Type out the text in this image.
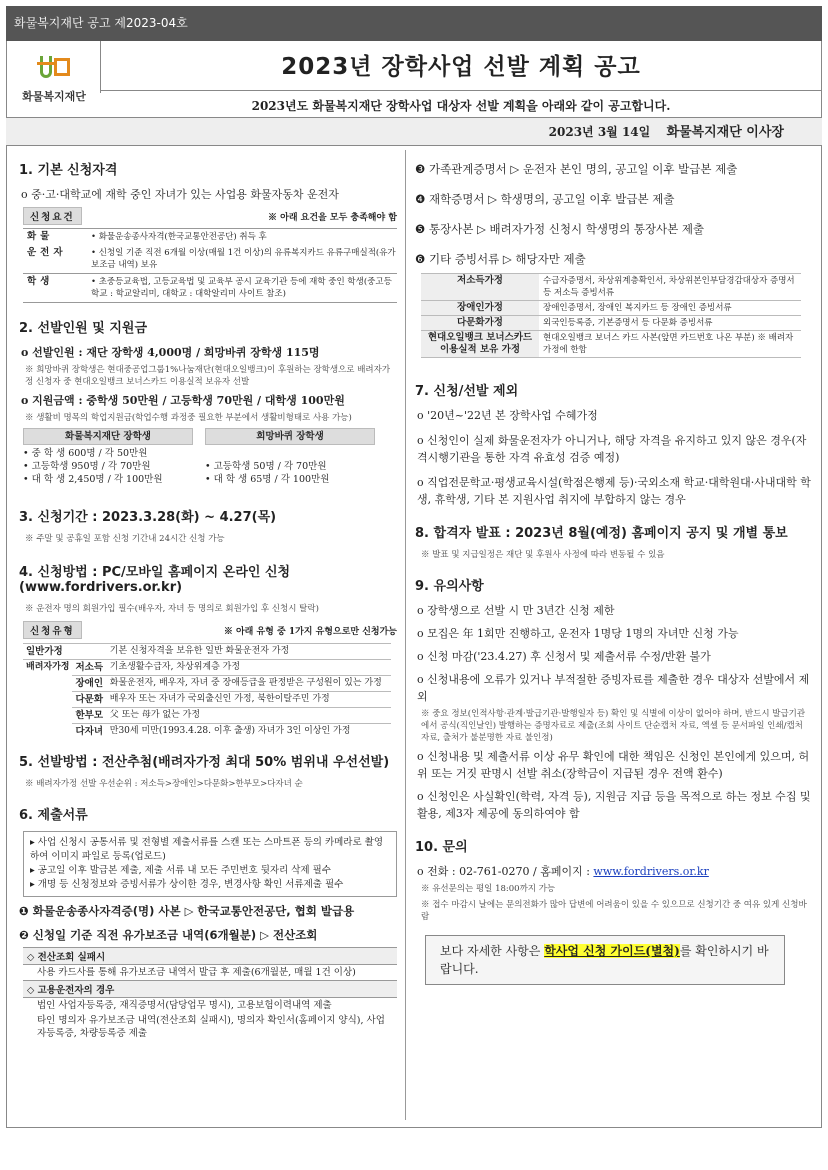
화물복지재단 공고 제2023-04호
화물복지재단
2023년 장학사업 선발 계획 공고
2023년도 화물복지재단 장학사업 대상자 선발 계획을 아래와 같이 공고합니다.
2023년 3월 14일 화물복지재단 이사장
1. 기본 신청자격
o 중·고·대학교에 재학 중인 자녀가 있는 사업용 화물자동차 운전자
신청요건	※ 아래 요건을 모두 충족해야 함
화물	• 화물운송종사자격(한국교통안전공단) 취득 후
운전자	• 신청일 기준 직전 6개월 이상(매월 1건 이상)의 유류복지카드 유류구매실적(유가보조금 내역) 보유
학생	• 초중등교육법, 고등교육법 및 교육부 공시 교육기관 등에 재학 중인 학생(중고등학교 : 학교알리미, 대학교 : 대학알리미 사이트 참조)
2. 선발인원 및 지원금
o 선발인원 : 재단 장학생 4,000명 / 희망바퀴 장학생 115명
※ 희망바퀴 장학생은 현대중공업그룹1%나눔재단(현대오일뱅크)이 후원하는 장학생으로 배려자가정 신청자 중 현대오일뱅크 보너스카드 이용실적 보유자 선발
o 지원금액 : 중학생 50만원 / 고등학생 70만원 / 대학생 100만원
※ 생활비 명목의 학업지원금(학업수행 과정중 필요한 부분에서 생활비형태로 사용 가능)
화물복지재단 장학생
• 중 학 생 600명 / 각 50만원
• 고등학생 950명 / 각 70만원
• 대 학 생 2,450명 / 각 100만원
희망바퀴 장학생
• 고등학생 50명 / 각 70만원
• 대 학 생 65명 / 각 100만원
3. 신청기간 : 2023.3.28(화) ~ 4.27(목)
※ 주말 및 공휴일 포함 신청 기간내 24시간 신청 가능
4. 신청방법 : PC/모바일 홈페이지 온라인 신청(www.fordrivers.or.kr)
※ 운전자 명의 회원가입 필수(배우자, 자녀 등 명의로 회원가입 후 신청시 탈락)
신청유형	※ 아래 유형 중 1가지 유형으로만 신청가능
일반가정		기본 신청자격을 보유한 일반 화물운전자 가정
배려자가정	저소득	기초생활수급자, 차상위계층 가정
	장애인	화물운전자, 배우자, 자녀 중 장애등급을 판정받은 구성원이 있는 가정
	다문화	배우자 또는 자녀가 국외출신인 가정, 북한이탈주민 가정
	한부모	父 또는 母가 없는 가정
	다자녀	만30세 미만(1993.4.28. 이후 출생) 자녀가 3인 이상인 가정
5. 선발방법 : 전산추첨(배려자가정 최대 50% 범위내 우선선발)
※ 배려자가정 선발 우선순위 : 저소득>장애인>다문화>한부모>다자녀 순
6. 제출서류
▸ 사업 신청시 공통서류 및 전형별 제출서류를 스캔 또는 스마트폰 등의 카메라로 촬영하여 이미지 파일로 등록(업로드)
▸ 공고일 이후 발급본 제출, 제출 서류 내 모든 주민번호 뒷자리 삭제 필수
▸ 개명 등 신청정보와 증빙서류가 상이한 경우, 변경사항 확인 서류제출 필수
❶ 화물운송종사자격증(명) 사본 ▷ 한국교통안전공단, 협회 발급용
❷ 신청일 기준 직전 유가보조금 내역(6개월분) ▷ 전산조회
◇ 전산조회 실패시
사용 카드사를 통해 유가보조금 내역서 발급 후 제출(6개월분, 매월 1건 이상)
◇ 고용운전자의 경우
법인 사업자등록증, 재직증명서(담당업무 명시), 고용보험이력내역 제출
타인 명의자 유가보조금 내역(전산조회 실패시), 명의자 확인서(홈페이지 양식), 사업자등록증, 차량등록증 제출
❸ 가족관계증명서 ▷ 운전자 본인 명의, 공고일 이후 발급본 제출
❹ 재학증명서 ▷ 학생명의, 공고일 이후 발급본 제출
❺ 통장사본 ▷ 배려자가정 신청시 학생명의 통장사본 제출
❻ 기타 증빙서류 ▷ 해당자만 제출
저소득가정	수급자증명서, 차상위계층확인서, 차상위본인부담경감대상자 증명서 등 저소득 증빙서류
장애인가정	장애인증명서, 장애인 복지카드 등 장애인 증빙서류
다문화가정	외국인등록증, 기본증명서 등 다문화 증빙서류
현대오일뱅크 보너스카드 이용실적 보유 가정	현대오일뱅크 보너스 카드 사본(앞면 카드번호 나온 부분) ※ 배려자가정에 한함
7. 신청/선발 제외
o '20년~'22년 본 장학사업 수혜가정
o 신청인이 실제 화물운전자가 아니거나, 해당 자격을 유지하고 있지 않은 경우(자격시행기관을 통한 자격 유효성 검증 예정)
o 직업전문학교·평생교육시설(학점은행제 등)·국외소재 학교·대학원대·사내대학 학생, 휴학생, 기타 본 지원사업 취지에 부합하지 않는 경우
8. 합격자 발표 : 2023년 8월(예정) 홈페이지 공지 및 개별 통보
※ 발표 및 지급일정은 재단 및 후원사 사정에 따라 변동될 수 있음
9. 유의사항
o 장학생으로 선발 시 만 3년간 신청 제한
o 모집은 年 1회만 진행하고, 운전자 1명당 1명의 자녀만 신청 가능
o 신청 마감('23.4.27) 후 신청서 및 제출서류 수정/반환 불가
o 신청내용에 오류가 있거나 부적절한 증빙자료를 제출한 경우 대상자 선발에서 제외
※ 중요 정보(인적사항·관계·발급기관·발행일자 등) 확인 및 식별에 이상이 없어야 하며, 반드시 발급기관에서 공식(직인날인) 발행하는 증명자료로 제출(조회 사이트 단순캡처 자료, 엑셀 등 문서파일 인쇄/캡처 자료, 출처가 불분명한 자료 불인정)
o 신청내용 및 제출서류 이상 유무 확인에 대한 책임은 신청인 본인에게 있으며, 허위 또는 거짓 판명시 선발 취소(장학금이 지급된 경우 전액 환수)
o 신청인은 사실확인(학력, 자격 등), 지원금 지급 등을 목적으로 하는 정보 수집 및 활용, 제3자 제공에 동의하여야 함
10. 문의
o 전화 : 02-761-0270 / 홈페이지 : www.fordrivers.or.kr
※ 유선문의는 평일 18:00까지 가능
※ 접수 마감시 날에는 문의전화가 많아 답변에 어려움이 있을 수 있으므로 신청기간 중 여유 있게 신청바람
보다 자세한 사항은 학사업 신청 가이드(별첨)를 확인하시기 바랍니다.
